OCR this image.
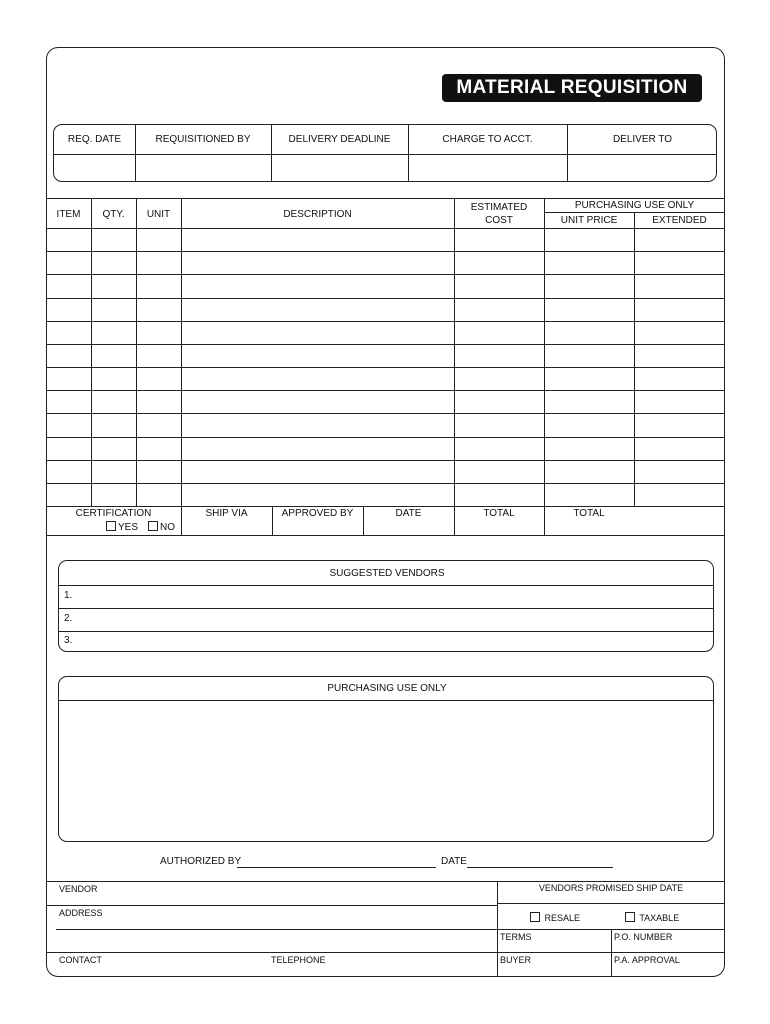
MATERIAL REQUISITION
REQ. DATE	REQUISITIONED BY	DELIVERY DEADLINE	CHARGE TO ACCT.	DELIVER TO
ITEM	QTY.	UNIT	DESCRIPTION
ESTIMATED
COST
PURCHASING USE ONLY
UNIT PRICE	EXTENDED
CERTIFICATION
YES	NO
SHIP VIA	APPROVED BY	DATE	TOTAL	TOTAL
SUGGESTED VENDORS
1.
2.
3.
PURCHASING USE ONLY
AUTHORIZED BY	DATE
VENDOR
ADDRESS
CONTACT	TELEPHONE
VENDORS PROMISED SHIP DATE
RESALE	TAXABLE
TERMS	P.O. NUMBER
BUYER	P.A. APPROVAL
